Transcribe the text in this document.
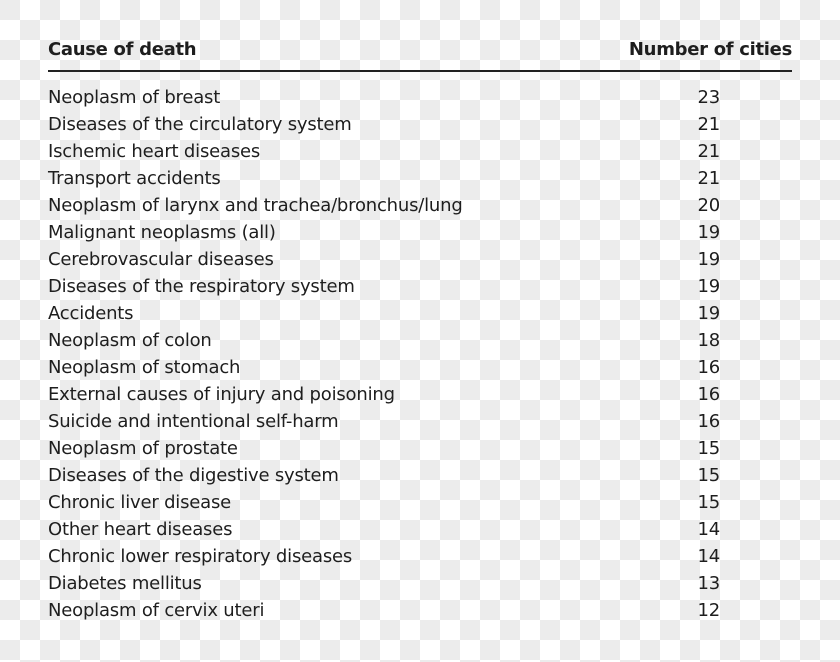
Cause of death	Number of cities
Neoplasm of breast	23
Diseases of the circulatory system	21
Ischemic heart diseases	21
Transport accidents	21
Neoplasm of larynx and trachea/bronchus/lung	20
Malignant neoplasms (all)	19
Cerebrovascular diseases	19
Diseases of the respiratory system	19
Accidents	19
Neoplasm of colon	18
Neoplasm of stomach	16
External causes of injury and poisoning	16
Suicide and intentional self-harm	16
Neoplasm of prostate	15
Diseases of the digestive system	15
Chronic liver disease	15
Other heart diseases	14
Chronic lower respiratory diseases	14
Diabetes mellitus	13
Neoplasm of cervix uteri	12
